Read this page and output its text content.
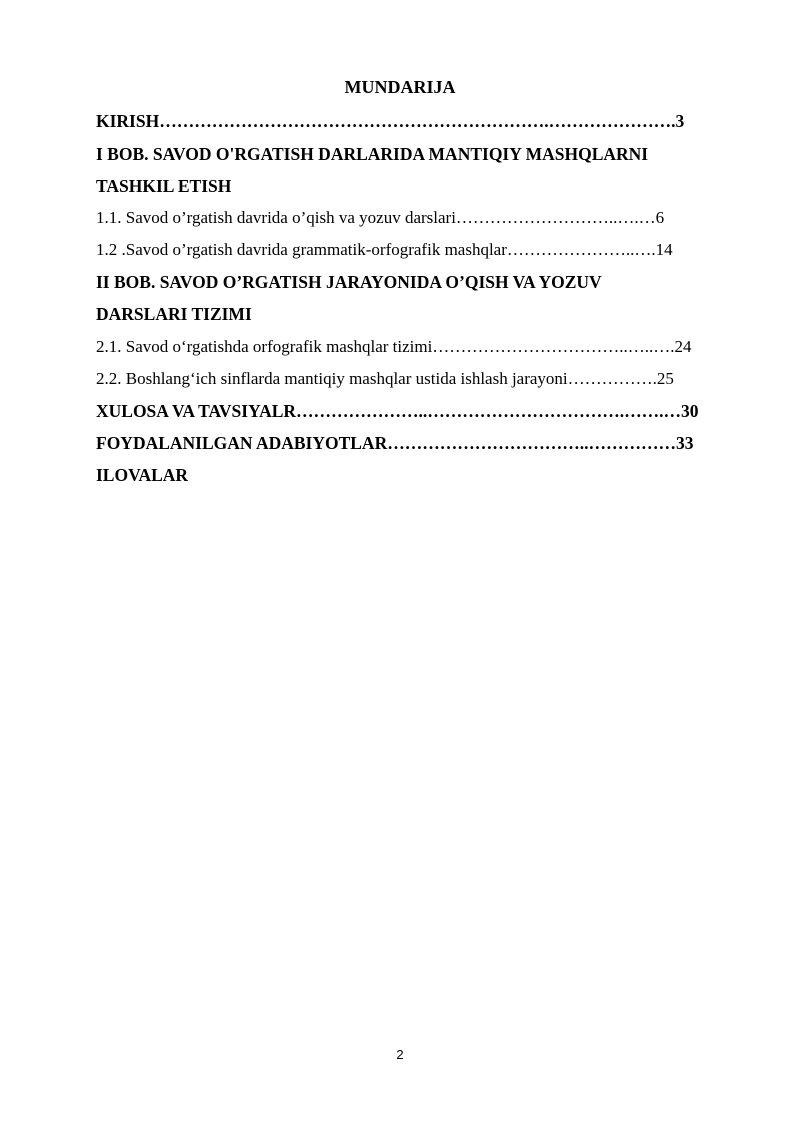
MUNDARIJA
KIRISH………………………………………………………….………………….3
I BOB. SAVOD O'RGATISH DARLARIDA MANTIQIY MASHQLARNI
TASHKIL ETISH
1.1. Savod o’rgatish davrida o’qish va yozuv darslari………………………..….…6
1.2 .Savod o’rgatish davrida grammatik-orfografik mashqlar…………………..….14
II BOB. SAVOD O’RGATISH JARAYONIDA O’QISH VA YOZUV
DARSLARI TIZIMI
2.1. Savod o‘rgatishda orfografik mashqlar tizimi……………………………..…..….24
2.2. Boshlang‘ich sinflarda mantiqiy mashqlar ustida ishlash jarayoni…………….25
XULOSA VA TAVSIYALR…………………..…………………………….…….…30
FOYDALANILGAN ADABIYOTLAR……………………………..……………33
ILOVALAR
2
